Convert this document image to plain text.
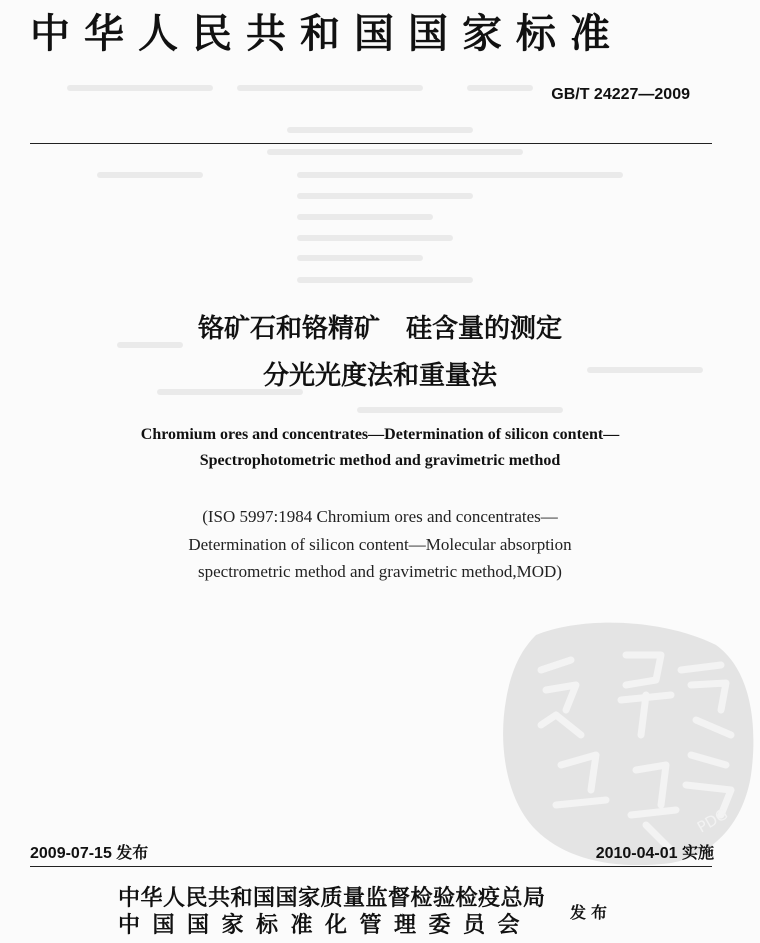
中华人民共和国国家标准
GB/T 24227—2009
铬矿石和铬精矿　硅含量的测定
分光光度法和重量法
Chromium ores and concentrates—Determination of silicon content—
Spectrophotometric method and gravimetric method
(ISO 5997:1984 Chromium ores and concentrates—
Determination of silicon content—Molecular absorption
spectrometric method and gravimetric method,MOD)
PDG
2009-07-15 发布	2010-04-01 实施
中华人民共和国国家质量监督检验检疫总局
中国国家标准化管理委员会 发布
